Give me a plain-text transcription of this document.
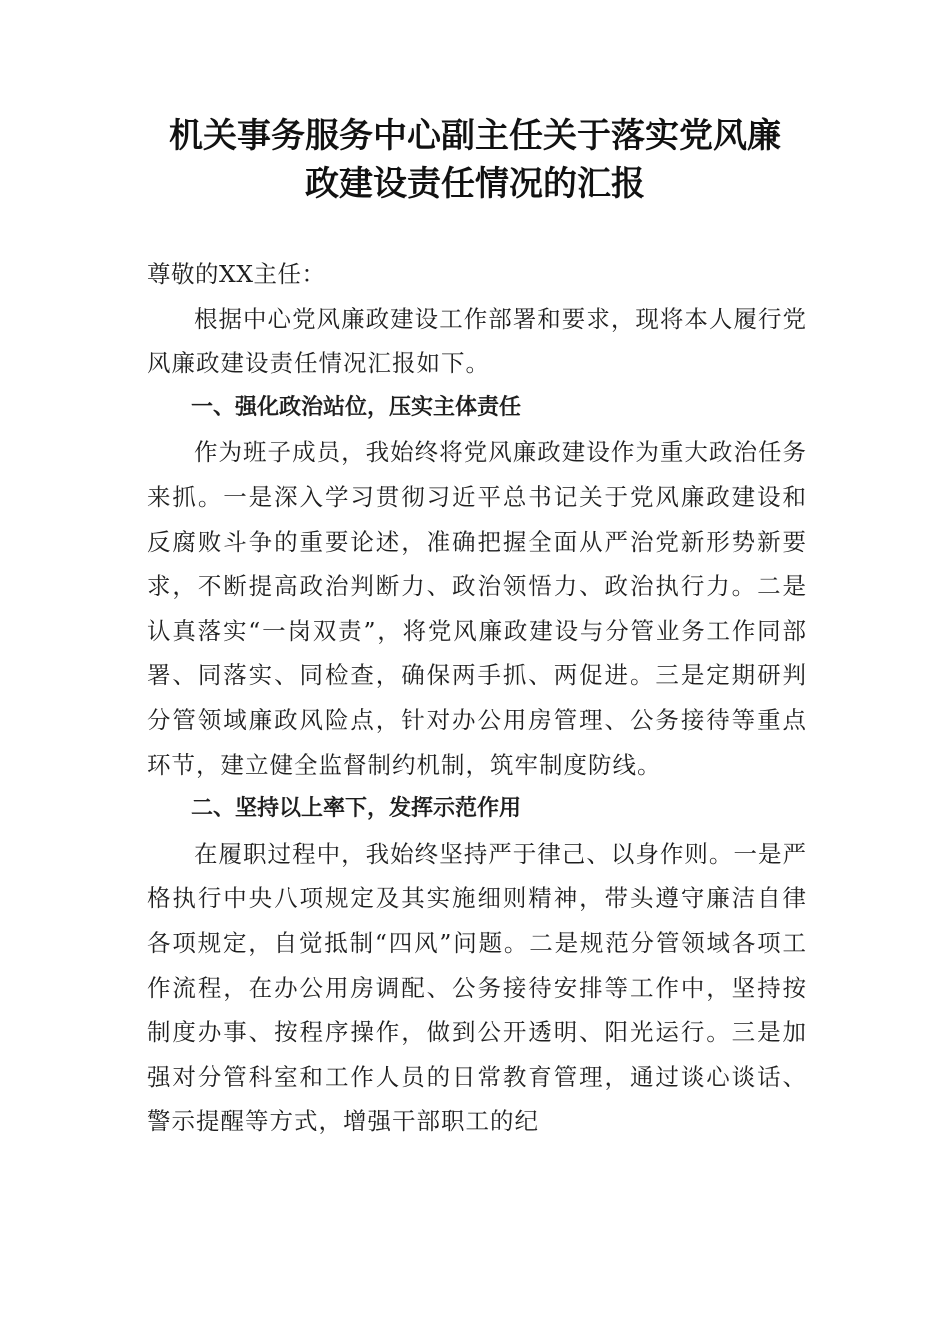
机关事务服务中心副主任关于落实党风廉
政建设责任情况的汇报

尊敬的XX主任：

根据中心党风廉政建设工作部署和要求，现将本人履行党风廉政建设责任情况汇报如下。

一、强化政治站位，压实主体责任

作为班子成员，我始终将党风廉政建设作为重大政治任务来抓。一是深入学习贯彻习近平总书记关于党风廉政建设和反腐败斗争的重要论述，准确把握全面从严治党新形势新要求，不断提高政治判断力、政治领悟力、政治执行力。二是认真落实“一岗双责”，将党风廉政建设与分管业务工作同部署、同落实、同检查，确保两手抓、两促进。三是定期研判分管领域廉政风险点，针对办公用房管理、公务接待等重点环节，建立健全监督制约机制，筑牢制度防线。

二、坚持以上率下，发挥示范作用

在履职过程中，我始终坚持严于律己、以身作则。一是严格执行中央八项规定及其实施细则精神，带头遵守廉洁自律各项规定，自觉抵制“四风”问题。二是规范分管领域各项工作流程，在办公用房调配、公务接待安排等工作中，坚持按制度办事、按程序操作，做到公开透明、阳光运行。三是加强对分管科室和工作人员的日常教育管理，通过谈心谈话、警示提醒等方式，增强干部职工的纪
